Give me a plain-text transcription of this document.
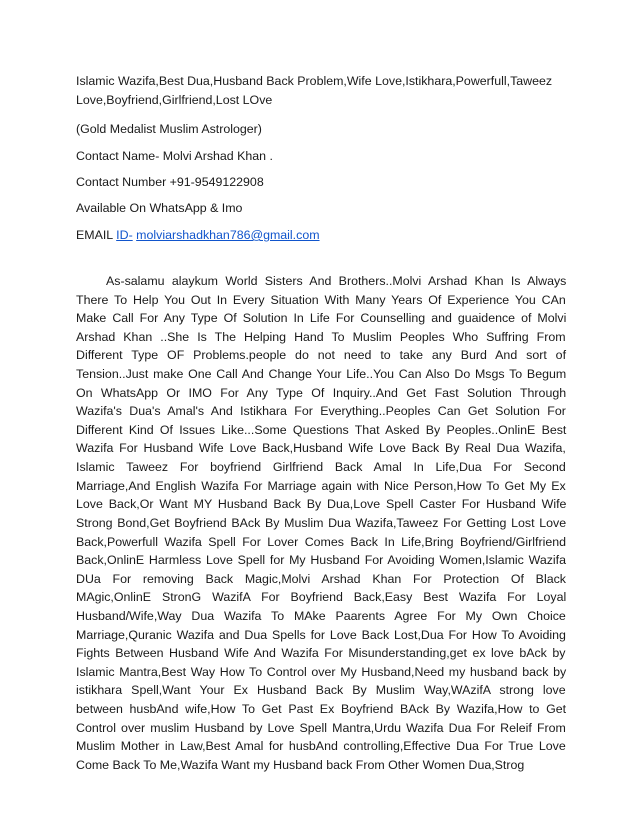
Islamic Wazifa,Best Dua,Husband Back Problem,Wife Love,Istikhara,Powerfull,Taweez
Love,Boyfriend,Girlfriend,Lost LOve
(Gold Medalist Muslim Astrologer)
Contact Name- Molvi Arshad Khan .
Contact Number +91-9549122908
Available On WhatsApp & Imo
EMAIL ID- molviarshadkhan786@gmail.com
As-salamu alaykum World Sisters And Brothers..Molvi Arshad Khan Is Always
There To Help You Out In Every Situation With Many Years Of Experience You CAn
Make Call For Any Type Of Solution In Life For Counselling and guaidence of Molvi
Arshad Khan ..She Is The Helping Hand To Muslim Peoples Who Suffring From
Different Type OF Problems.people do not need to take any Burd And sort of
Tension..Just make One Call And Change Your Life..You Can Also Do Msgs To Begum
On WhatsApp Or IMO For Any Type Of Inquiry..And Get Fast Solution Through
Wazifa's Dua's Amal's And Istikhara For Everything..Peoples Can Get Solution For
Different Kind Of Issues Like...Some Questions That Asked By Peoples..OnlinE Best
Wazifa For Husband Wife Love Back,Husband Wife Love Back By Real Dua Wazifa,
Islamic Taweez For boyfriend Girlfriend Back Amal In Life,Dua For Second
Marriage,And English Wazifa For Marriage again with Nice Person,How To Get My Ex
Love Back,Or Want MY Husband Back By Dua,Love Spell Caster For Husband Wife
Strong Bond,Get Boyfriend BAck By Muslim Dua Wazifa,Taweez For Getting Lost Love
Back,Powerfull Wazifa Spell For Lover Comes Back In Life,Bring Boyfriend/Girlfriend
Back,OnlinE Harmless Love Spell for My Husband For Avoiding Women,Islamic Wazifa
DUa For removing Back Magic,Molvi Arshad Khan For Protection Of Black
MAgic,OnlinE StronG WazifA For Boyfriend Back,Easy Best Wazifa For Loyal
Husband/Wife,Way Dua Wazifa To MAke Paarents Agree For My Own Choice
Marriage,Quranic Wazifa and Dua Spells for Love Back Lost,Dua For How To Avoiding
Fights Between Husband Wife And Wazifa For Misunderstanding,get ex love bAck by
Islamic Mantra,Best Way How To Control over My Husband,Need my husband back by
istikhara Spell,Want Your Ex Husband Back By Muslim Way,WAzifA strong love
between husbAnd wife,How To Get Past Ex Boyfriend BAck By Wazifa,How to Get
Control over muslim Husband by Love Spell Mantra,Urdu Wazifa Dua For Releif From
Muslim Mother in Law,Best Amal for husbAnd controlling,Effective Dua For True Love
Come Back To Me,Wazifa Want my Husband back From Other Women Dua,Strog
